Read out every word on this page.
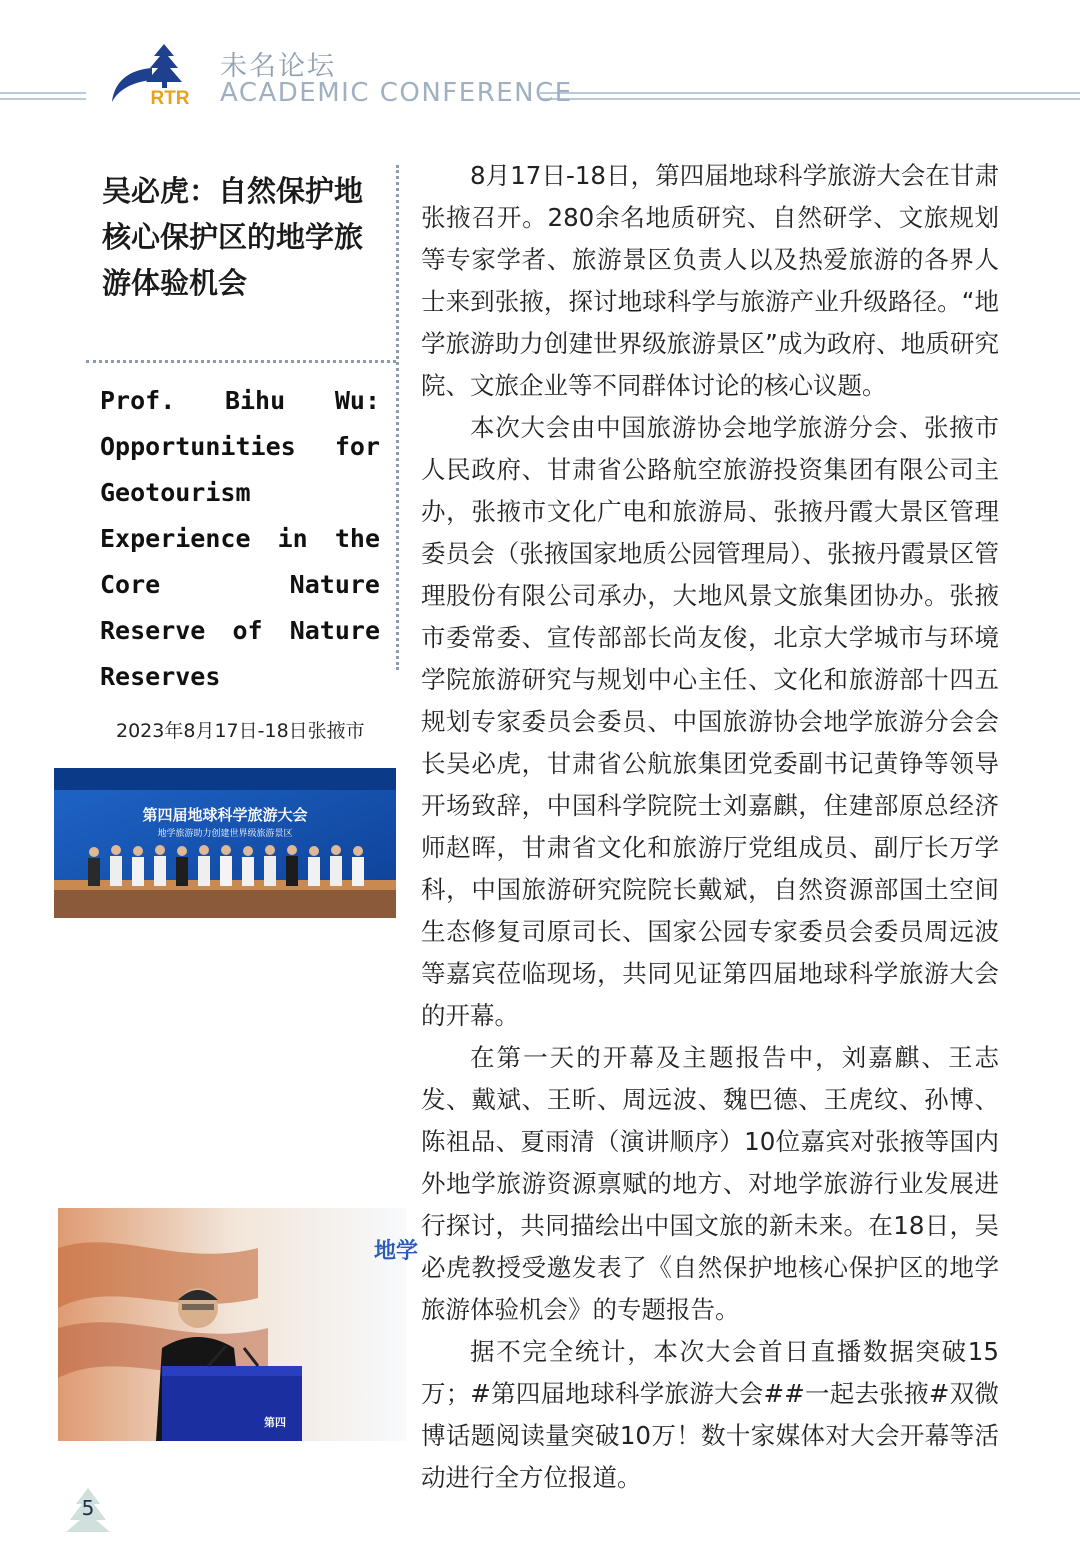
RTR
未名论坛
ACADEMIC CONFERENCE
吴必虎：自然保护地核心保护区的地学旅游体验机会
Prof. Bihu Wu: Opportunities for Geotourism Experience in the Core Nature Reserve of Nature Reserves
2023年8月17日-18日张掖市
第四届地球科学旅游大会
地学旅游助力创建世界级旅游景区
地学
第四
5

8月17日-18日，第四届地球科学旅游大会在甘肃张掖召开。280余名地质研究、自然研学、文旅规划等专家学者、旅游景区负责人以及热爱旅游的各界人士来到张掖，探讨地球科学与旅游产业升级路径。“地学旅游助力创建世界级旅游景区”成为政府、地质研究院、文旅企业等不同群体讨论的核心议题。

本次大会由中国旅游协会地学旅游分会、张掖市人民政府、甘肃省公路航空旅游投资集团有限公司主办，张掖市文化广电和旅游局、张掖丹霞大景区管理委员会（张掖国家地质公园管理局）、张掖丹霞景区管理股份有限公司承办，大地风景文旅集团协办。张掖市委常委、宣传部部长尚友俊，北京大学城市与环境学院旅游研究与规划中心主任、文化和旅游部十四五规划专家委员会委员、中国旅游协会地学旅游分会会长吴必虎，甘肃省公航旅集团党委副书记黄铮等领导开场致辞，中国科学院院士刘嘉麒，住建部原总经济师赵晖，甘肃省文化和旅游厅党组成员、副厅长万学科，中国旅游研究院院长戴斌，自然资源部国土空间生态修复司原司长、国家公园专家委员会委员周远波等嘉宾莅临现场，共同见证第四届地球科学旅游大会的开幕。

在第一天的开幕及主题报告中，刘嘉麒、王志发、戴斌、王昕、周远波、魏巴德、王虎纹、孙博、陈祖品、夏雨清（演讲顺序）10位嘉宾对张掖等国内外地学旅游资源禀赋的地方、对地学旅游行业发展进行探讨，共同描绘出中国文旅的新未来。在18日，吴必虎教授受邀发表了《自然保护地核心保护区的地学旅游体验机会》的专题报告。

据不完全统计，本次大会首日直播数据突破15万；#第四届地球科学旅游大会##一起去张掖#双微博话题阅读量突破10万！数十家媒体对大会开幕等活动进行全方位报道。
